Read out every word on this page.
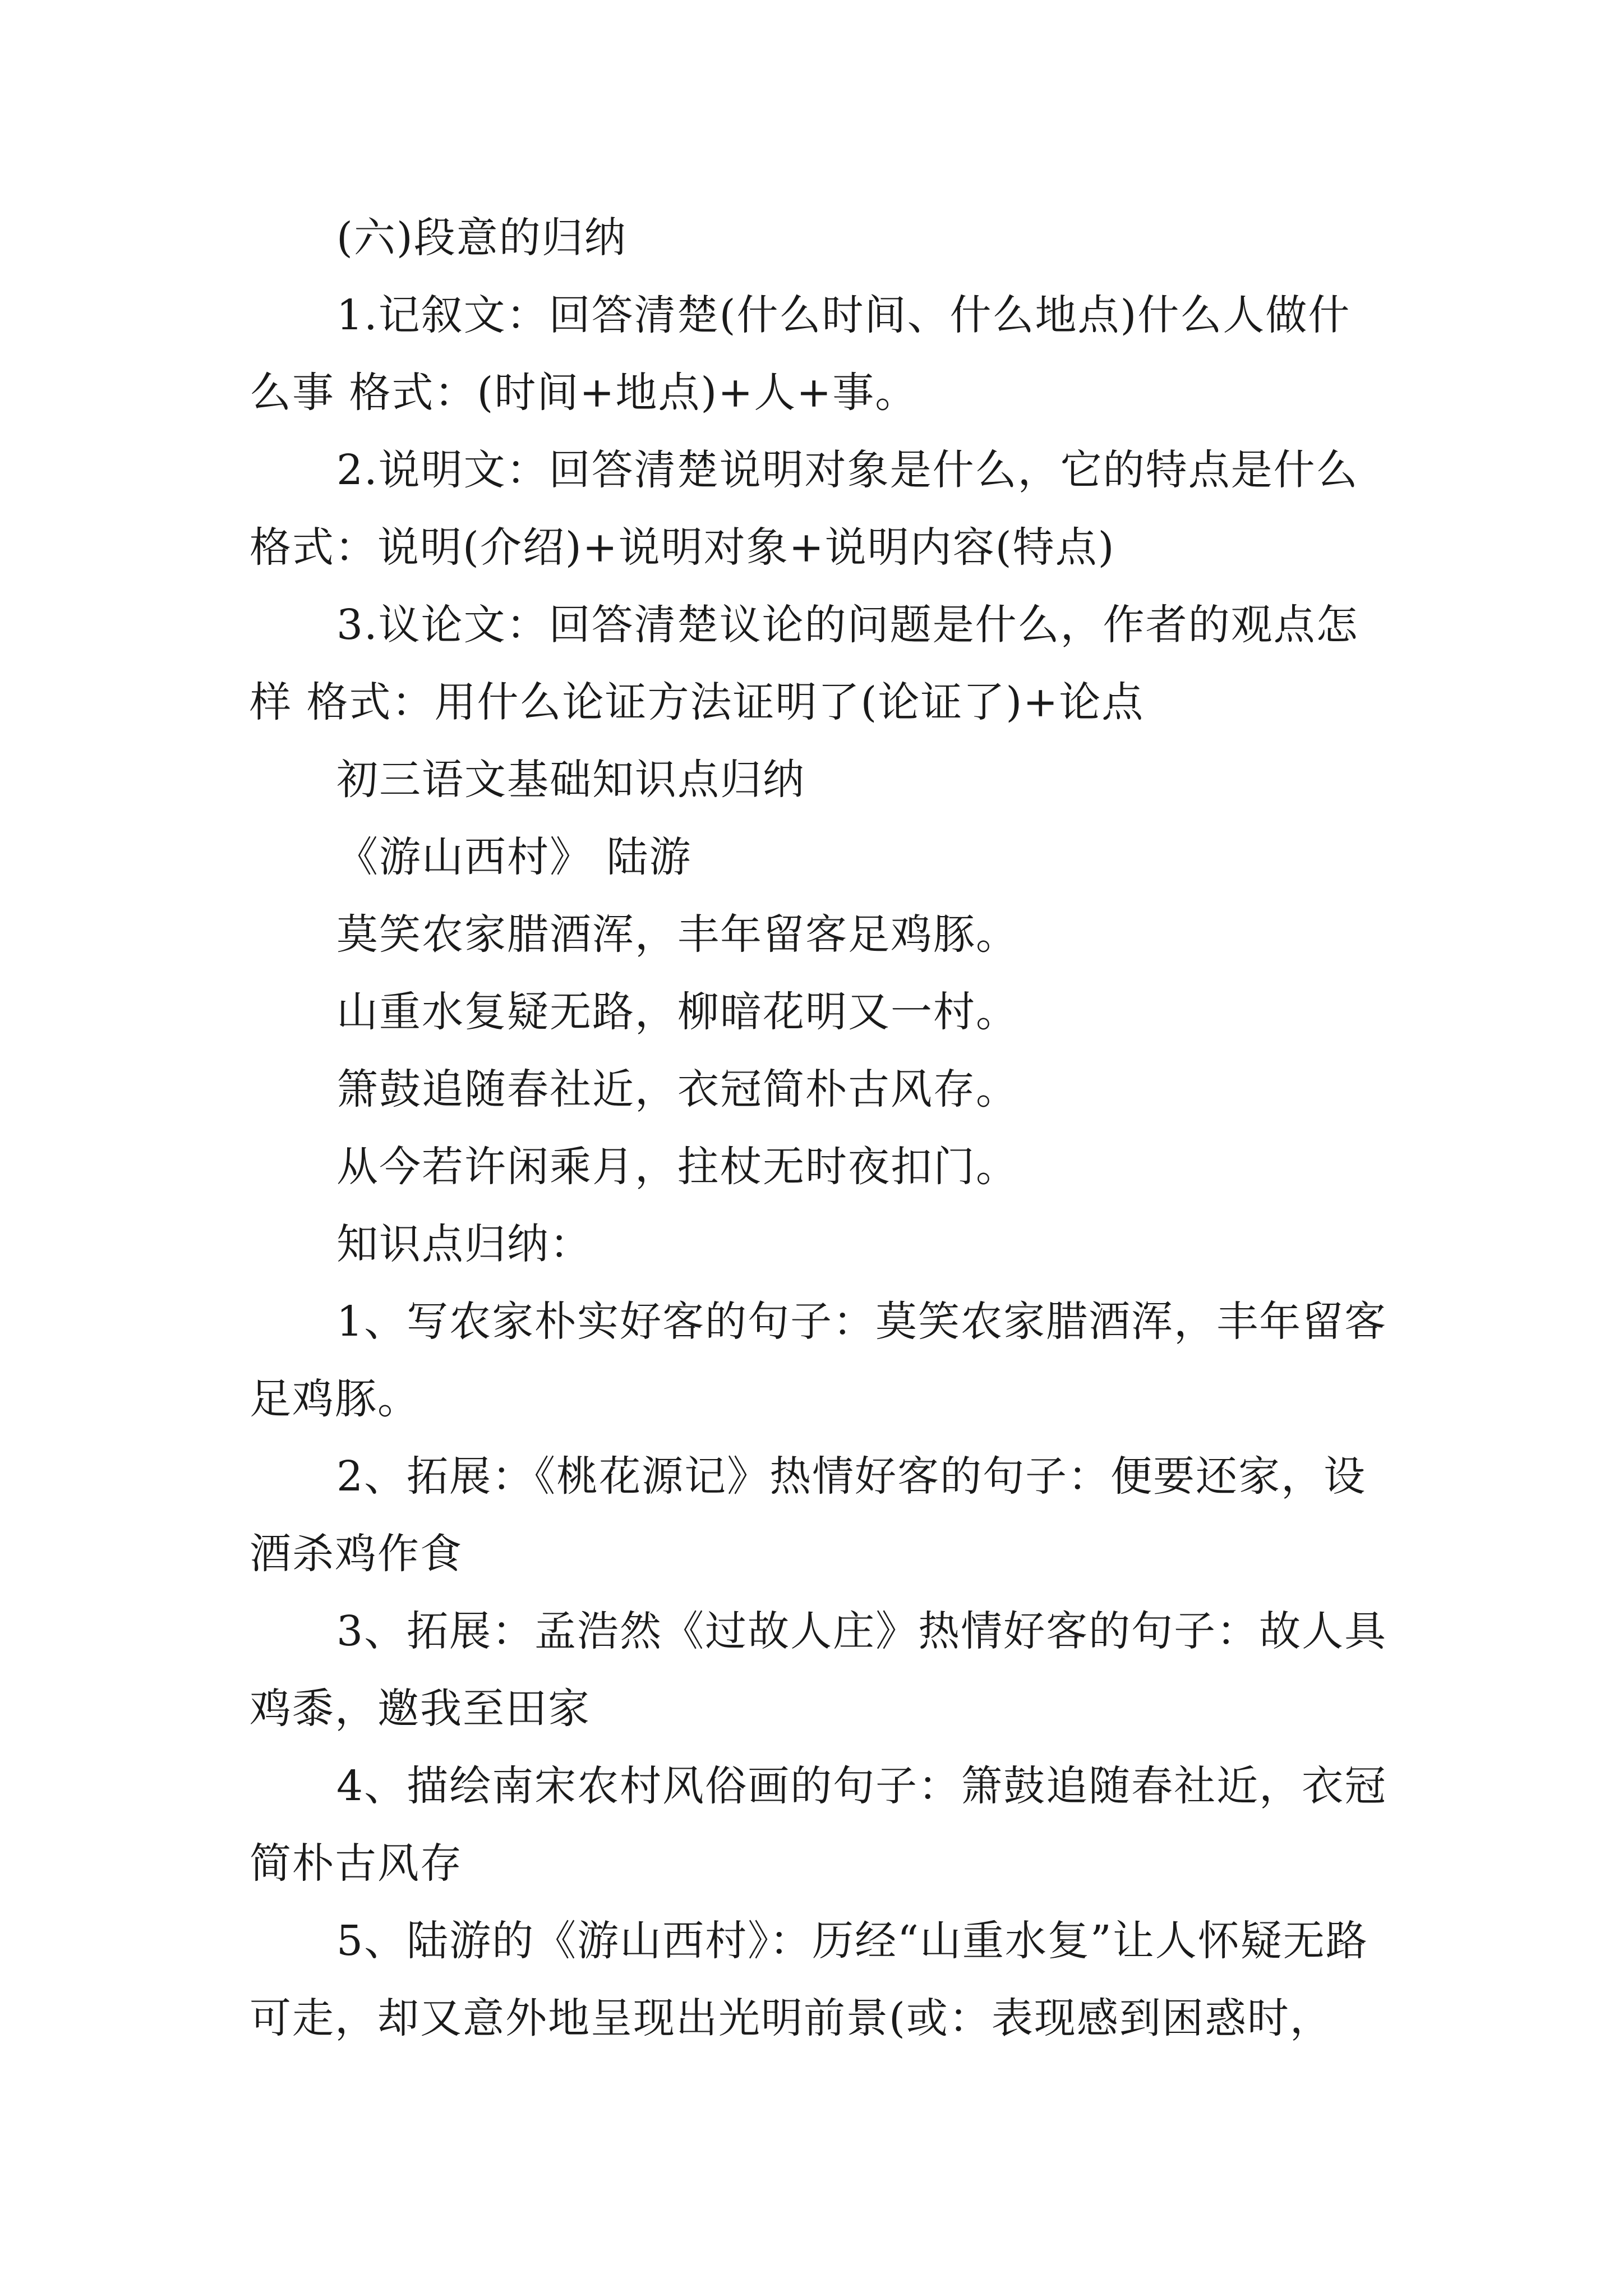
(六)段意的归纳

1.记叙文：回答清楚(什么时间、什么地点)什么人做什么事 格式：(时间+地点)+人+事。

2.说明文：回答清楚说明对象是什么，它的特点是什么 格式：说明(介绍)+说明对象+说明内容(特点)

3.议论文：回答清楚议论的问题是什么，作者的观点怎样 格式：用什么论证方法证明了(论证了)+论点

初三语文基础知识点归纳

《游山西村》 陆游

莫笑农家腊酒浑，丰年留客足鸡豚。

山重水复疑无路，柳暗花明又一村。

箫鼓追随春社近，衣冠简朴古风存。

从今若许闲乘月，拄杖无时夜扣门。

知识点归纳：

1、写农家朴实好客的句子：莫笑农家腊酒浑，丰年留客足鸡豚。

2、拓展：《桃花源记》热情好客的句子：便要还家，设酒杀鸡作食

3、拓展：孟浩然《过故人庄》热情好客的句子：故人具鸡黍，邀我至田家

4、描绘南宋农村风俗画的句子：箫鼓追随春社近，衣冠简朴古风存

5、陆游的《游山西村》：历经“山重水复”让人怀疑无路可走，却又意外地呈现出光明前景(或：表现感到困惑时，
